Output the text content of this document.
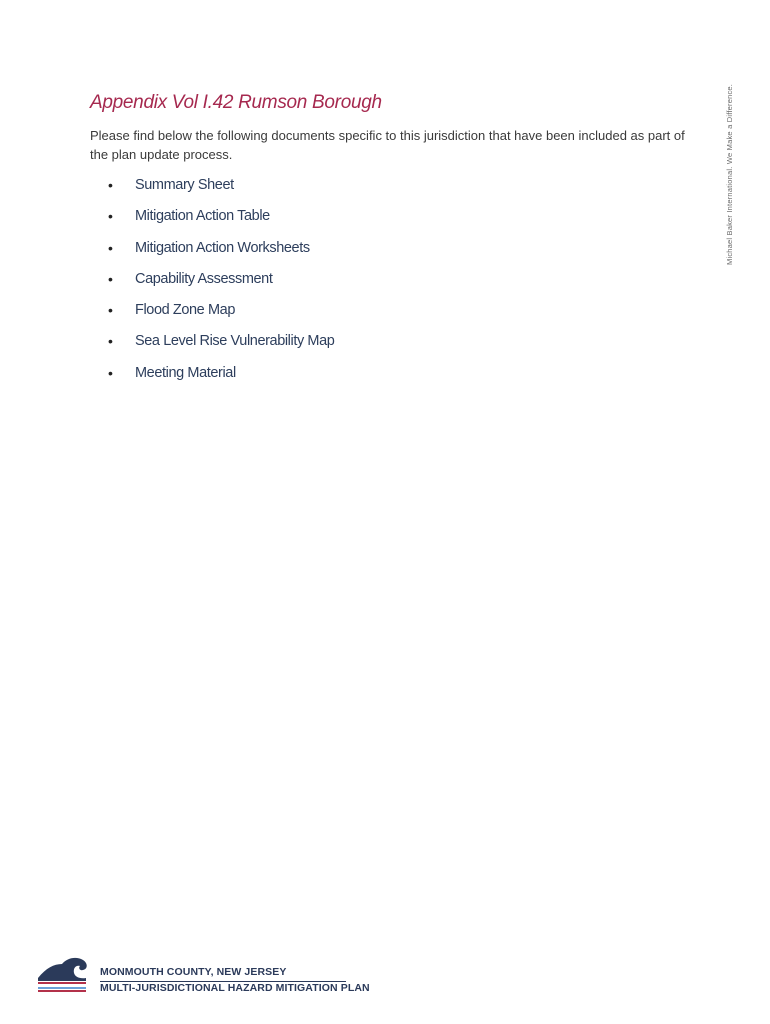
Appendix Vol I.42 Rumson Borough

Please find below the following documents specific to this jurisdiction that have been included as part of the plan update process.

• Summary Sheet
• Mitigation Action Table
• Mitigation Action Worksheets
• Capability Assessment
• Flood Zone Map
• Sea Level Rise Vulnerability Map
• Meeting Material
Michael Baker International. We Make a Difference.
MONMOUTH COUNTY, NEW JERSEY
MULTI-JURISDICTIONAL HAZARD MITIGATION PLAN
